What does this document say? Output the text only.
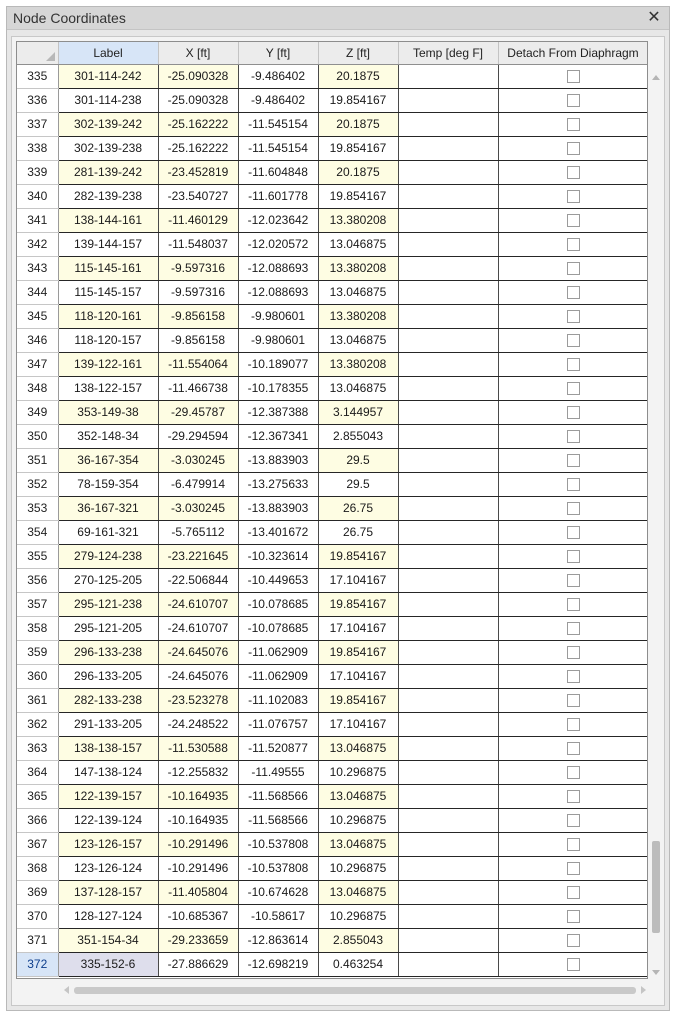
Node Coordinates	✕
	Label	X [ft]	Y [ft]	Z [ft]	Temp [deg F]	Detach From Diaphragm
335	301-114-242	-25.090328	-9.486402	20.1875		
336	301-114-238	-25.090328	-9.486402	19.854167		
337	302-139-242	-25.162222	-11.545154	20.1875		
338	302-139-238	-25.162222	-11.545154	19.854167		
339	281-139-242	-23.452819	-11.604848	20.1875		
340	282-139-238	-23.540727	-11.601778	19.854167		
341	138-144-161	-11.460129	-12.023642	13.380208		
342	139-144-157	-11.548037	-12.020572	13.046875		
343	115-145-161	-9.597316	-12.088693	13.380208		
344	115-145-157	-9.597316	-12.088693	13.046875		
345	118-120-161	-9.856158	-9.980601	13.380208		
346	118-120-157	-9.856158	-9.980601	13.046875		
347	139-122-161	-11.554064	-10.189077	13.380208		
348	138-122-157	-11.466738	-10.178355	13.046875		
349	353-149-38	-29.45787	-12.387388	3.144957		
350	352-148-34	-29.294594	-12.367341	2.855043		
351	36-167-354	-3.030245	-13.883903	29.5		
352	78-159-354	-6.479914	-13.275633	29.5		
353	36-167-321	-3.030245	-13.883903	26.75		
354	69-161-321	-5.765112	-13.401672	26.75		
355	279-124-238	-23.221645	-10.323614	19.854167		
356	270-125-205	-22.506844	-10.449653	17.104167		
357	295-121-238	-24.610707	-10.078685	19.854167		
358	295-121-205	-24.610707	-10.078685	17.104167		
359	296-133-238	-24.645076	-11.062909	19.854167		
360	296-133-205	-24.645076	-11.062909	17.104167		
361	282-133-238	-23.523278	-11.102083	19.854167		
362	291-133-205	-24.248522	-11.076757	17.104167		
363	138-138-157	-11.530588	-11.520877	13.046875		
364	147-138-124	-12.255832	-11.49555	10.296875		
365	122-139-157	-10.164935	-11.568566	13.046875		
366	122-139-124	-10.164935	-11.568566	10.296875		
367	123-126-157	-10.291496	-10.537808	13.046875		
368	123-126-124	-10.291496	-10.537808	10.296875		
369	137-128-157	-11.405804	-10.674628	13.046875		
370	128-127-124	-10.685367	-10.58617	10.296875		
371	351-154-34	-29.233659	-12.863614	2.855043		
372	335-152-6	-27.886629	-12.698219	0.463254		
